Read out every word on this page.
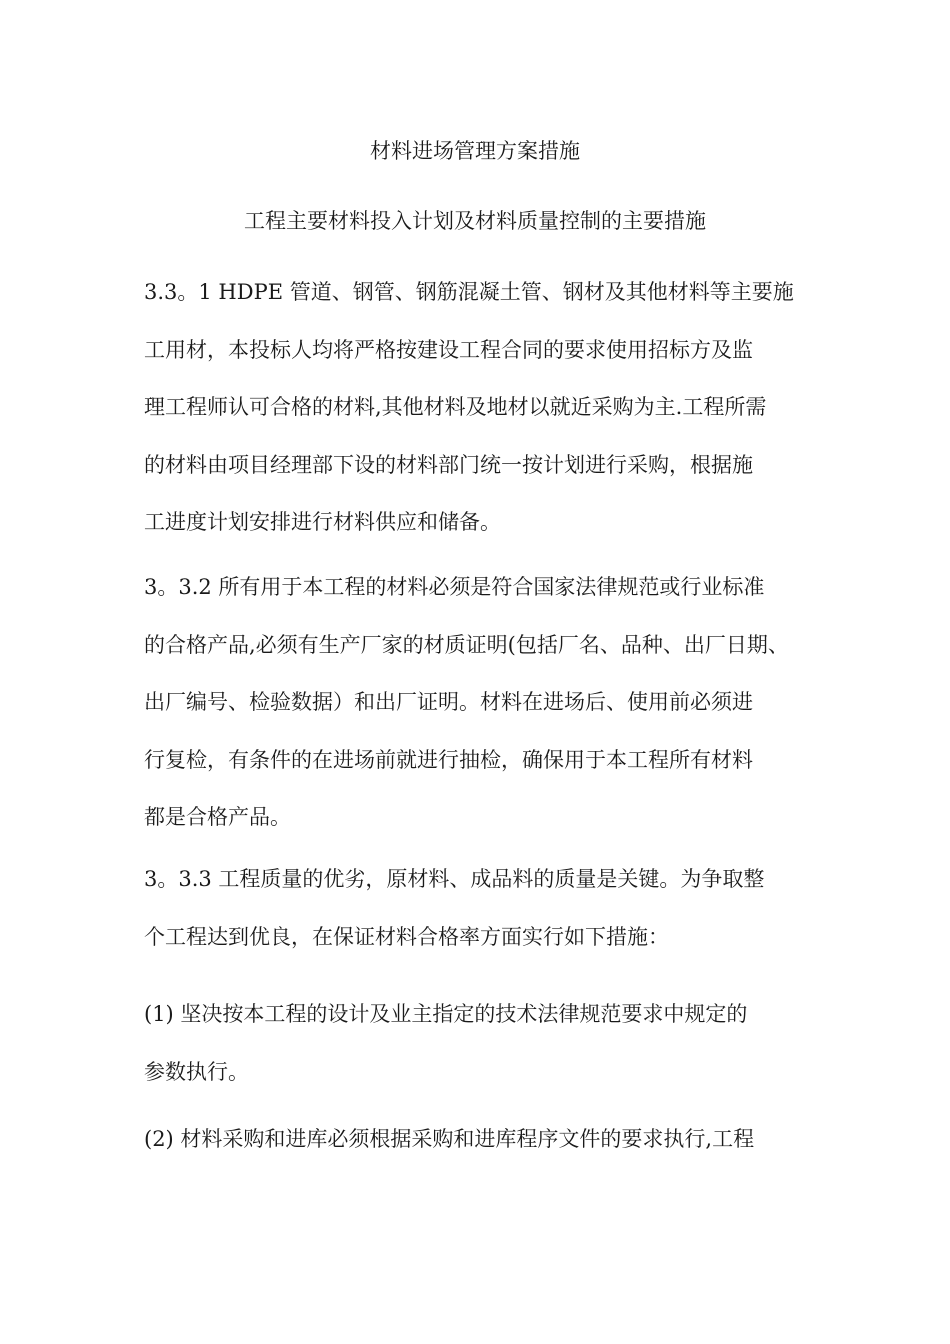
材料进场管理方案措施
工程主要材料投入计划及材料质量控制的主要措施
3.3。1 HDPE 管道、钢管、钢筋混凝土管、钢材及其他材料等主要施
工用材，本投标人均将严格按建设工程合同的要求使用招标方及监
理工程师认可合格的材料,其他材料及地材以就近采购为主.工程所需
的材料由项目经理部下设的材料部门统一按计划进行采购，根据施
工进度计划安排进行材料供应和储备。
3。3.2 所有用于本工程的材料必须是符合国家法律规范或行业标准
的合格产品,必须有生产厂家的材质证明(包括厂名、品种、出厂日期、
出厂编号、检验数据）和出厂证明。材料在进场后、使用前必须进
行复检，有条件的在进场前就进行抽检，确保用于本工程所有材料
都是合格产品。
3。3.3 工程质量的优劣，原材料、成品料的质量是关键。为争取整
个工程达到优良，在保证材料合格率方面实行如下措施：
(1) 坚决按本工程的设计及业主指定的技术法律规范要求中规定的
参数执行。
(2) 材料采购和进库必须根据采购和进库程序文件的要求执行,工程
